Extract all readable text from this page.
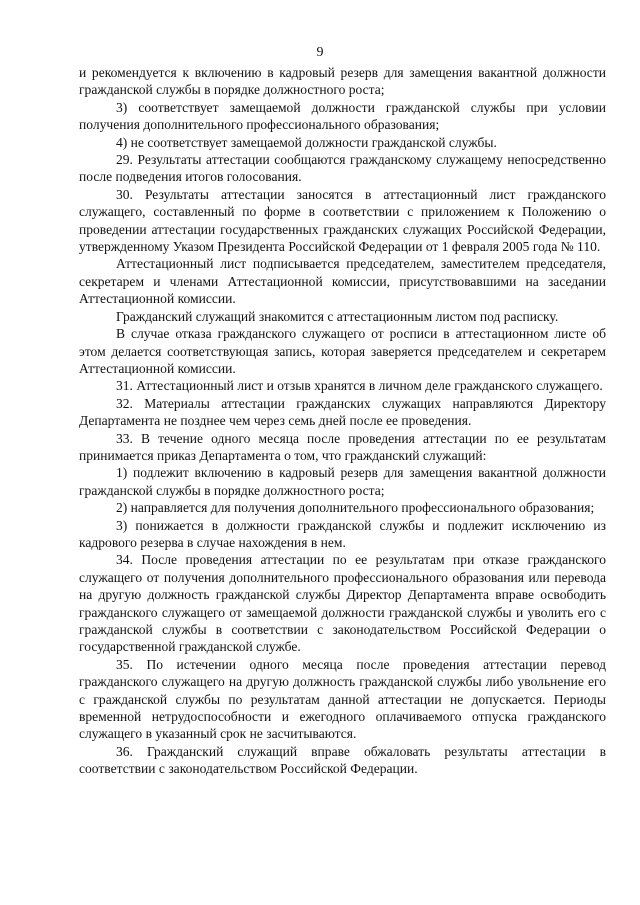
9

и рекомендуется к включению в кадровый резерв для замещения вакантной должности гражданской службы в порядке должностного роста;

3) соответствует замещаемой должности гражданской службы при условии получения дополнительного профессионального образования;

4) не соответствует замещаемой должности гражданской службы.

29. Результаты аттестации сообщаются гражданскому служащему непосредственно после подведения итогов голосования.

30. Результаты аттестации заносятся в аттестационный лист гражданского служащего, составленный по форме в соответствии с приложением к Положению о проведении аттестации государственных гражданских служащих Российской Федерации, утвержденному Указом Президента Российской Федерации от 1 февраля 2005 года № 110.

Аттестационный лист подписывается председателем, заместителем председателя, секретарем и членами Аттестационной комиссии, присутствовавшими на заседании Аттестационной комиссии.

Гражданский служащий знакомится с аттестационным листом под расписку.

В случае отказа гражданского служащего от росписи в аттестационном листе об этом делается соответствующая запись, которая заверяется председателем и секретарем Аттестационной комиссии.

31. Аттестационный лист и отзыв хранятся в личном деле гражданского служащего.

32. Материалы аттестации гражданских служащих направляются Директору Департамента не позднее чем через семь дней после ее проведения.

33. В течение одного месяца после проведения аттестации по ее результатам принимается приказ Департамента о том, что гражданский служащий:

1) подлежит включению в кадровый резерв для замещения вакантной должности гражданской службы в порядке должностного роста;

2) направляется для получения дополнительного профессионального образования;

3) понижается в должности гражданской службы и подлежит исключению из кадрового резерва в случае нахождения в нем.

34. После проведения аттестации по ее результатам при отказе гражданского служащего от получения дополнительного профессионального образования или перевода на другую должность гражданской службы Директор Департамента вправе освободить гражданского служащего от замещаемой должности гражданской службы и уволить его с гражданской службы в соответствии с законодательством Российской Федерации о государственной гражданской службе.

35. По истечении одного месяца после проведения аттестации перевод гражданского служащего на другую должность гражданской службы либо увольнение его с гражданской службы по результатам данной аттестации не допускается. Периоды временной нетрудоспособности и ежегодного оплачиваемого отпуска гражданского служащего в указанный срок не засчитываются.

36. Гражданский служащий вправе обжаловать результаты аттестации в соответствии с законодательством Российской Федерации.
